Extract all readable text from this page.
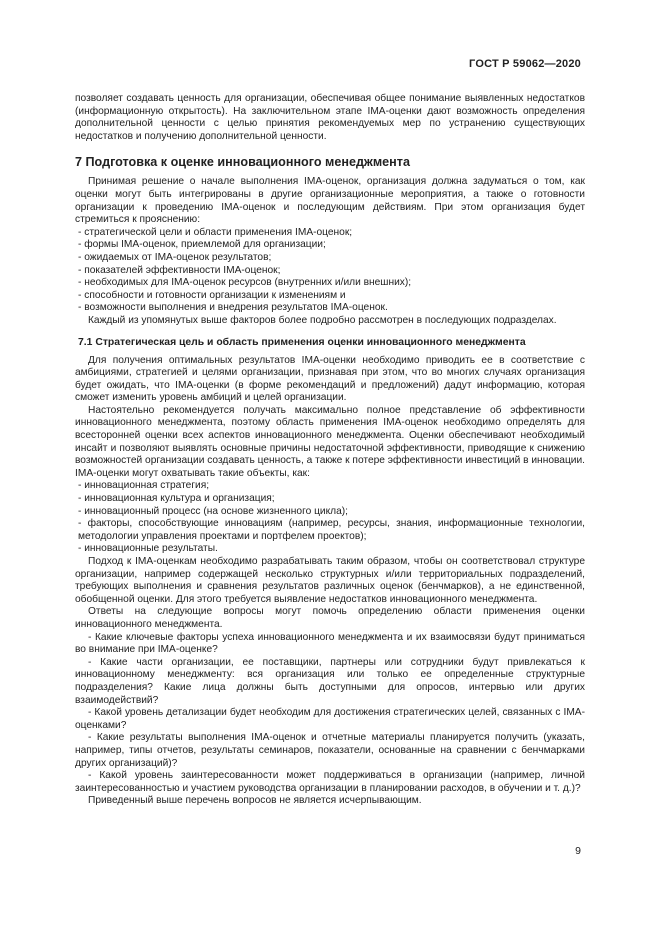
ГОСТ Р 59062—2020

позволяет создавать ценность для организации, обеспечивая общее понимание выявленных недостатков (информационную открытость). На заключительном этапе IMA-оценки дают возможность определения дополнительной ценности с целью принятия рекомендуемых мер по устранению существующих недостатков и получению дополнительной ценности.

7 Подготовка к оценке инновационного менеджмента

Принимая решение о начале выполнения IMA-оценок, организация должна задуматься о том, как оценки могут быть интегрированы в другие организационные мероприятия, а также о готовности организации к проведению IMA-оценок и последующим действиям. При этом организация будет стремиться к прояснению:

- стратегической цели и области применения IMA-оценок;
- формы IMA-оценок, приемлемой для организации;
- ожидаемых от IMA-оценок результатов;
- показателей эффективности IMA-оценок;
- необходимых для IMA-оценок ресурсов (внутренних и/или внешних);
- способности и готовности организации к изменениям и
- возможности выполнения и внедрения результатов IMA-оценок.

Каждый из упомянутых выше факторов более подробно рассмотрен в последующих подразделах.

7.1 Стратегическая цель и область применения оценки инновационного менеджмента

Для получения оптимальных результатов IMA-оценки необходимо приводить ее в соответствие с амбициями, стратегией и целями организации, признавая при этом, что во многих случаях организация будет ожидать, что IMA-оценки (в форме рекомендаций и предложений) дадут информацию, которая сможет изменить уровень амбиций и целей организации.

Настоятельно рекомендуется получать максимально полное представление об эффективности инновационного менеджмента, поэтому область применения IMA-оценок необходимо определять для всесторонней оценки всех аспектов инновационного менеджмента. Оценки обеспечивают необходимый инсайт и позволяют выявлять основные причины недостаточной эффективности, приводящие к снижению возможностей организации создавать ценность, а также к потере эффективности инвестиций в инновации. IMA-оценки могут охватывать такие объекты, как:

- инновационная стратегия;
- инновационная культура и организация;
- инновационный процесс (на основе жизненного цикла);
- факторы, способствующие инновациям (например, ресурсы, знания, информационные технологии, методологии управления проектами и портфелем проектов);
- инновационные результаты.

Подход к IMA-оценкам необходимо разрабатывать таким образом, чтобы он соответствовал структуре организации, например содержащей несколько структурных и/или территориальных подразделений, требующих выполнения и сравнения результатов различных оценок (бенчмарков), а не единственной, обобщенной оценки. Для этого требуется выявление недостатков инновационного менеджмента.

Ответы на следующие вопросы могут помочь определению области применения оценки инновационного менеджмента.

- Какие ключевые факторы успеха инновационного менеджмента и их взаимосвязи будут приниматься во внимание при IMA-оценке?

- Какие части организации, ее поставщики, партнеры или сотрудники будут привлекаться к инновационному менеджменту: вся организация или только ее определенные структурные подразделения? Какие лица должны быть доступными для опросов, интервью или других взаимодействий?

- Какой уровень детализации будет необходим для достижения стратегических целей, связанных с IMA-оценками?

- Какие результаты выполнения IMA-оценок и отчетные материалы планируется получить (указать, например, типы отчетов, результаты семинаров, показатели, основанные на сравнении с бенчмарками других организаций)?

- Какой уровень заинтересованности может поддерживаться в организации (например, личной заинтересованностью и участием руководства организации в планировании расходов, в обучении и т. д.)?

Приведенный выше перечень вопросов не является исчерпывающим.

9
